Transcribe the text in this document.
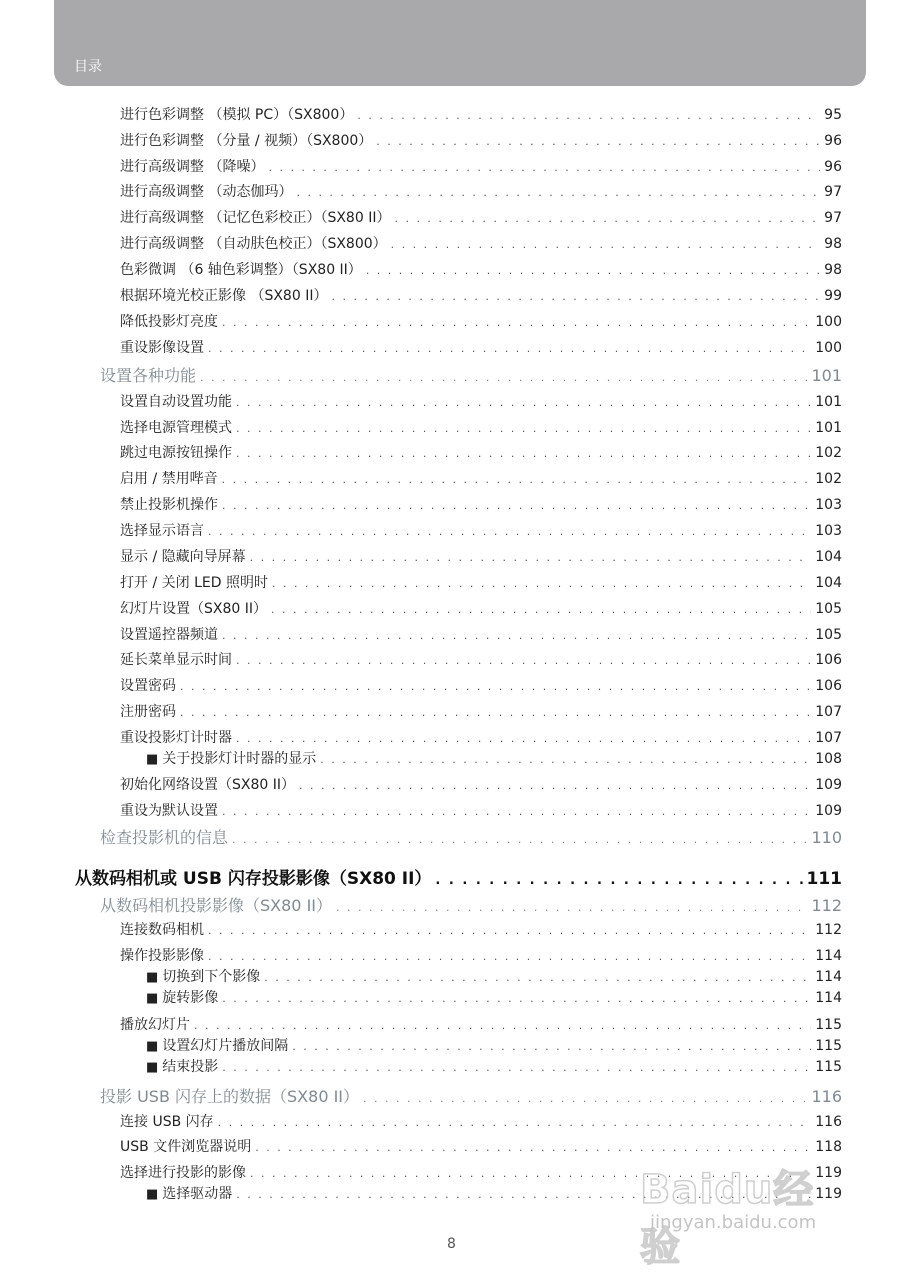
目录
进行色彩调整 （模拟 PC）（SX800） . . .	95
进行色彩调整 （分量 / 视频）（SX800） . . .	96
进行高级调整 （降噪） . . .	96
进行高级调整 （动态伽玛） . . .	97
进行高级调整 （记忆色彩校正）（SX80 II） . . .	97
进行高级调整 （自动肤色校正）（SX800） . . .	98
色彩微调 （6 轴色彩调整）（SX80 II） . . .	98
根据环境光校正影像 （SX80 II） . . .	99
降低投影灯亮度 . . .	100
重设影像设置 . . .	100
设置各种功能 . . .	101
设置自动设置功能 . . .	101
选择电源管理模式 . . .	101
跳过电源按钮操作 . . .	102
启用 / 禁用哔音 . . .	102
禁止投影机操作 . . .	103
选择显示语言 . . .	103
显示 / 隐藏向导屏幕 . . .	104
打开 / 关闭 LED 照明时 . . .	104
幻灯片设置（SX80 II） . . .	105
设置遥控器频道 . . .	105
延长菜单显示时间 . . .	106
设置密码 . . .	106
注册密码 . . .	107
重设投影灯计时器 . . .	107
■ 关于投影灯计时器的显示 . . .	108
初始化网络设置（SX80 II） . . .	109
重设为默认设置 . . .	109
检查投影机的信息 . . .	110
从数码相机或 USB 闪存投影影像（SX80 II） . . .	111
从数码相机投影影像（SX80 II） . . .	112
连接数码相机 . . .	112
操作投影影像 . . .	114
■ 切换到下个影像 . . .	114
■ 旋转影像 . . .	114
播放幻灯片 . . .	115
■ 设置幻灯片播放间隔 . . .	115
■ 结束投影 . . .	115
投影 USB 闪存上的数据（SX80 II） . . .	116
连接 USB 闪存 . . .	116
USB 文件浏览器说明 . . .	118
选择进行投影的影像 . . .	119
■ 选择驱动器 . . .	119
8
Baidu经验
jingyan.baidu.com
